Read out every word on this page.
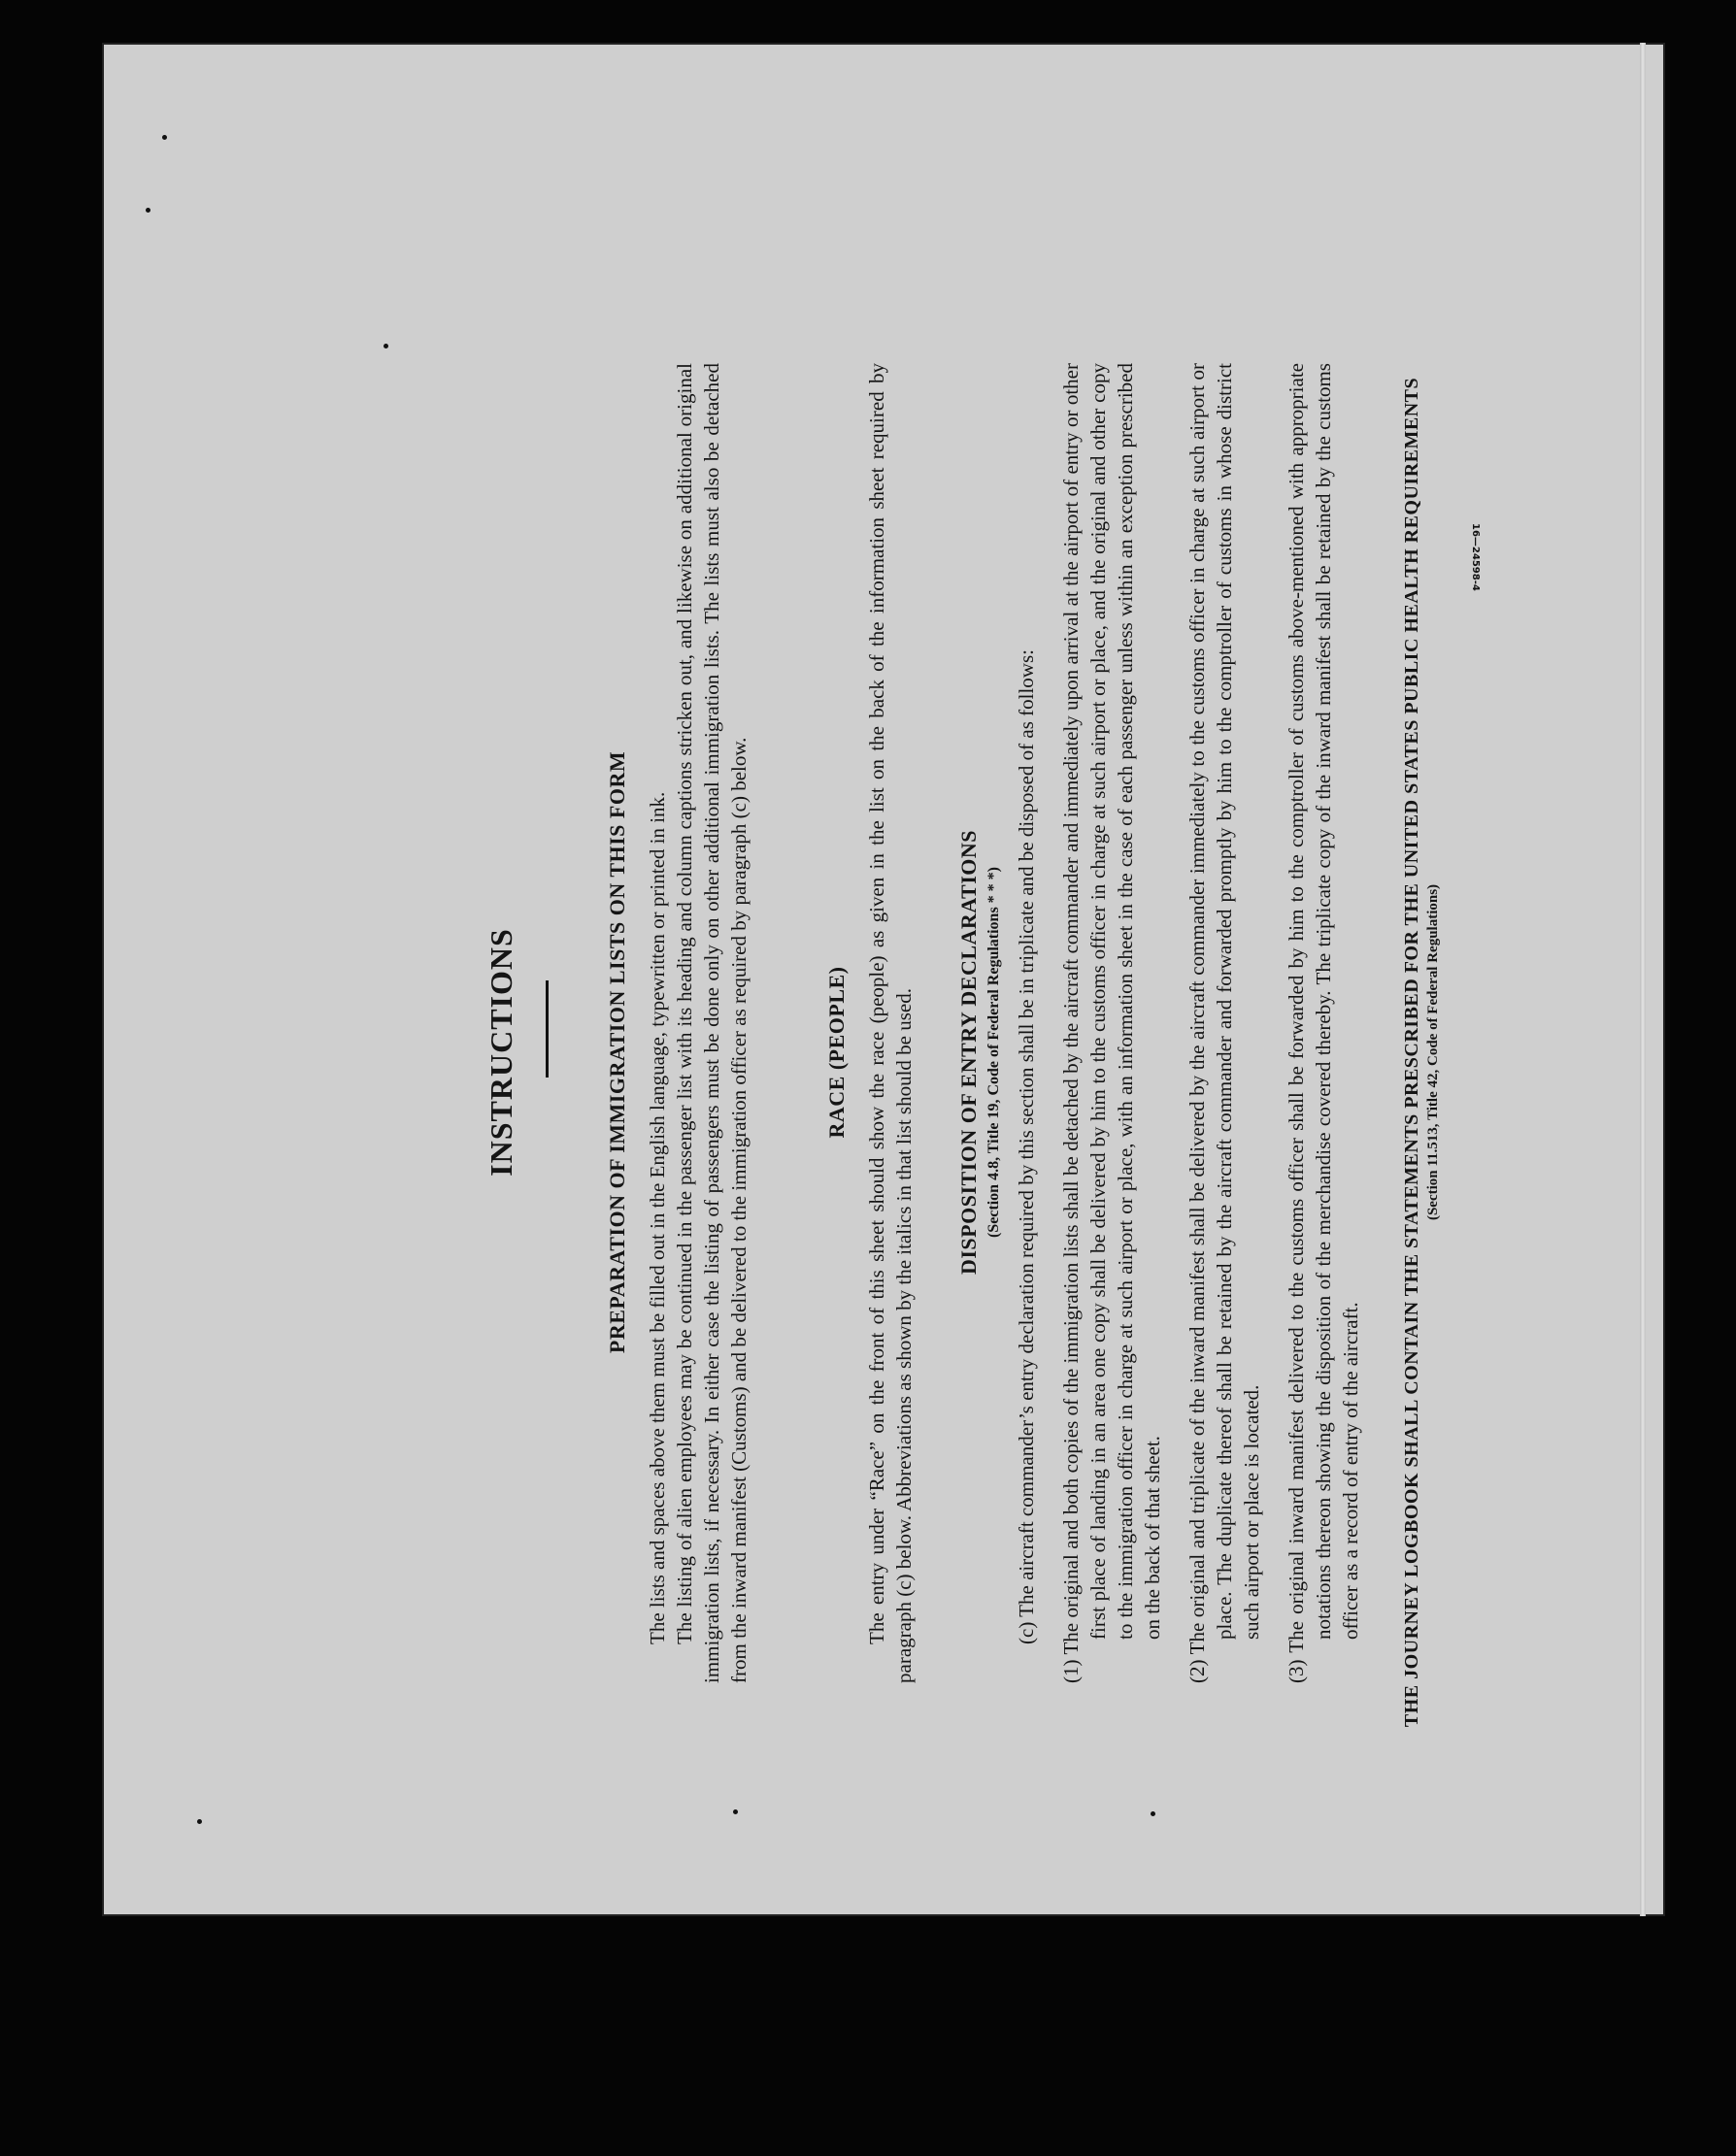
16—24598-4
INSTRUCTIONS	PREPARATION OF IMMIGRATION LISTS ON THIS FORM The lists and spaces above them must be filled out in the English language, typewritten or printed in ink. The listing of alien employees may be continued in the passenger list with its heading and column captions stricken out, and likewise on additional original immigration lists, if necessary. In either case the listing of passengers must be done only on other additional immigration lists. The lists must also be detached from the inward manifest (Customs) and be delivered to the immigration officer as required by paragraph (c) below.	RACE (PEOPLE) The entry under “Race” on the front of this sheet should show the race (people) as given in the list on the back of the information sheet required by paragraph (c) below. Abbreviations as shown by the italics in that list should be used. DISPOSITION OF ENTRY DECLARATIONS (Section 4.8, Title 19, Code of Federal Regulations * * *) (c) The aircraft commander’s entry declaration required by this section shall be in triplicate and be disposed of as follows: (1) The original and both copies of the immigration lists shall be detached by the aircraft commander and immediately upon arrival at the airport of entry or other first place of landing in an area one copy shall be delivered by him to the customs officer in charge at such airport or place, and the original and other copy to the immigration officer in charge at such airport or place, with an information sheet in the case of each passenger unless within an exception prescribed on the back of that sheet. (2) The original and triplicate of the inward manifest shall be delivered by the aircraft commander immediately to the customs officer in charge at such airport or place. The duplicate thereof shall be retained by the aircraft commander and forwarded promptly by him to the comptroller of customs in whose district such airport or place is located. (3) The original inward manifest delivered to the customs officer shall be forwarded by him to the comptroller of customs above-mentioned with appropriate notations thereon showing the disposition of the merchandise covered thereby. The triplicate copy of the inward manifest shall be retained by the customs officer as a record of entry of the aircraft. THE JOURNEY LOGBOOK SHALL CONTAIN THE STATEMENTS PRESCRIBED FOR THE UNITED STATES PUBLIC HEALTH REQUIREMENTS (Section 11.513, Title 42, Code of Federal Regulations)
